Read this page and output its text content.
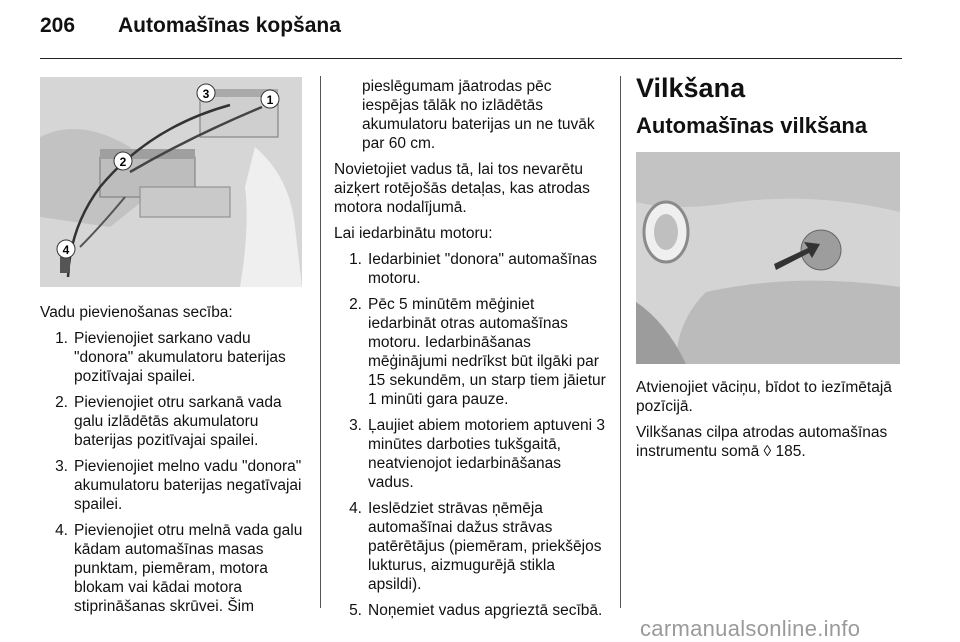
206 Automašīnas kopšana
1
2
3
4

Vadu pievienošanas secība:

1. Pievienojiet sarkano vadu "donora" akumulatoru baterijas pozitīvajai spailei.
2. Pievienojiet otru sarkanā vada galu izlādētās akumulatoru baterijas pozitīvajai spailei.
3. Pievienojiet melno vadu "donora" akumulatoru baterijas negatīvajai spailei.
4. Pievienojiet otru melnā vada galu kādam automašīnas masas punktam, piemēram, motora blokam vai kādai motora stiprināšanas skrūvei. Šim

pieslēgumam jāatrodas pēc iespējas tālāk no izlādētās akumulatoru baterijas un ne tuvāk par 60 cm.

Novietojiet vadus tā, lai tos nevarētu aizķert rotējošās detaļas, kas atrodas motora nodalījumā.

Lai iedarbinātu motoru:

1. Iedarbiniet "donora" automašīnas motoru.
2. Pēc 5 minūtēm mēģiniet iedarbināt otras automašīnas motoru. Iedarbināšanas mēģinājumi nedrīkst būt ilgāki par 15 sekundēm, un starp tiem jāietur 1 minūti gara pauze.
3. Ļaujiet abiem motoriem aptuveni 3 minūtes darboties tukšgaitā, neatvienojot iedarbināšanas vadus.
4. Ieslēdziet strāvas ņēmēja automašīnai dažus strāvas patērētājus (piemēram, priekšējos lukturus, aizmugurējā stikla apsildi).
5. Noņemiet vadus apgrieztā secībā.
Vilkšana
Automašīnas vilkšana

Atvienojiet vāciņu, bīdot to iezīmētajā pozīcijā.

Vilkšanas cilpa atrodas automašīnas instrumentu somā ◊ 185.

carmanualsonline.info
